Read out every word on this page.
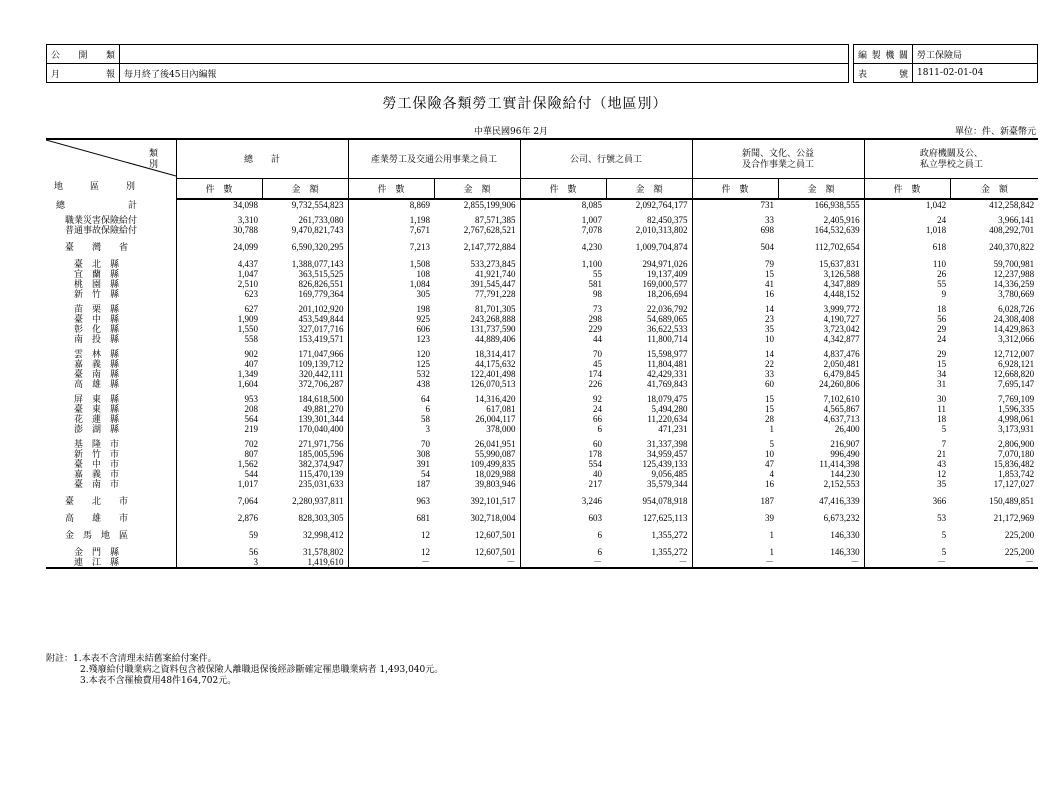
公　開　類	
月　　　報	每月終了後45日內編報
編製機關	勞工保險局
表　　號	1811-02-01-04
勞工保險各類勞工實計保險給付（地區別）
中華民國96年 2月	單位：件、新臺幣元
類　別
地　區　別	總　　計		產業勞工及交通公用事業之員工		公司、行號之員工		新聞、文化、公益
及合作事業之員工		政府機關及公、
私立學校之員工	
	件　數	金　額	件　數	金　額	件　數	金　額	件　數	金　額	件　數	金　額
總　　　　　　　計	34,098	9,732,554,823	8,869	2,855,199,906	8,085	2,092,764,177	731	166,938,555	1,042	412,258,842

　職業災害保險給付	3,310	261,733,080	1,198	87,571,385	1,007	82,450,375	33	2,405,916	24	3,966,141
　普通事故保險給付	30,788	9,470,821,743	7,671	2,767,628,521	7,078	2,010,313,802	698	164,532,639	1,018	408,292,701

　臺　　灣　　省	24,099	6,590,320,295	7,213	2,147,772,884	4,230	1,009,704,874	504	112,702,654	618	240,370,822

　　臺　北　縣	4,437	1,388,077,143	1,508	533,273,845	1,100	294,971,026	79	15,637,831	110	59,700,981
　　宜　蘭　縣	1,047	363,515,525	108	41,921,740	55	19,137,409	15	3,126,588	26	12,237,988
　　桃　園　縣	2,510	826,826,551	1,084	391,545,447	581	169,000,577	41	4,347,889	55	14,336,259
　　新　竹　縣	623	169,779,364	305	77,791,228	98	18,206,694	16	4,448,152	9	3,780,669

　　苗　栗　縣	627	201,102,920	198	81,701,305	73	22,036,792	14	3,999,772	18	6,028,726
　　臺　中　縣	1,909	453,549,844	925	243,268,888	298	54,689,065	23	4,190,727	56	24,308,408
　　彰　化　縣	1,550	327,017,716	606	131,737,590	229	36,622,533	35	3,723,042	29	14,429,863
　　南　投　縣	558	153,419,571	123	44,889,406	44	11,800,714	10	4,342,877	24	3,312,066

　　雲　林　縣	902	171,047,966	120	18,314,417	70	15,598,977	14	4,837,476	29	12,712,007
　　嘉　義　縣	407	109,139,712	125	44,175,632	45	11,804,481	22	2,050,481	15	6,928,121
　　臺　南　縣	1,349	320,442,111	532	122,401,498	174	42,429,331	33	6,479,845	34	12,668,820
　　高　雄　縣	1,604	372,706,287	438	126,070,513	226	41,769,843	60	24,260,806	31	7,695,147

　　屏　東　縣	953	184,618,500	64	14,316,420	92	18,079,475	15	7,102,610	30	7,769,109
　　臺　東　縣	208	49,881,270	6	617,081	24	5,494,280	15	4,565,867	11	1,596,335
　　花　蓮　縣	564	139,301,344	58	26,004,117	66	11,220,634	28	4,637,713	18	4,998,061
　　澎　湖　縣	219	170,040,400	3	378,000	6	471,231	1	26,400	5	3,173,931

　　基　隆　市	702	271,971,756	70	26,041,951	60	31,337,398	5	216,907	7	2,806,900
　　新　竹　市	807	185,005,596	308	55,990,087	178	34,959,457	10	996,490	21	7,070,180
　　臺　中　市	1,562	382,374,947	391	109,499,835	554	125,439,133	47	11,414,398	43	15,836,482
　　嘉　義　市	544	115,470,139	54	18,029,988	40	9,056,485	4	144,230	12	1,853,742
　　臺　南　市	1,017	235,031,633	187	39,803,946	217	35,579,344	16	2,152,553	35	17,127,027

　臺　　北　　市	7,064	2,280,937,811	963	392,101,517	3,246	954,078,918	187	47,416,339	366	150,489,851

　高　　雄　　市	2,876	828,303,305	681	302,718,004	603	127,625,113	39	6,673,232	53	21,172,969

　金　馬　地　區	59	32,998,412	12	12,607,501	6	1,355,272	1	146,330	5	225,200

　　金　門　縣	56	31,578,802	12	12,607,501	6	1,355,272	1	146,330	5	225,200
　　連　江　縣	3	1,419,610	－	－	－	－	－	－	－	－
附註：1.本表不含清理未結舊案給付案件。
2.殘廢給付職業病之資料包含被保險人離職退保後經診斷確定罹患職業病者 1,493,040元。
3.本表不含罹檢費用48件164,702元。
